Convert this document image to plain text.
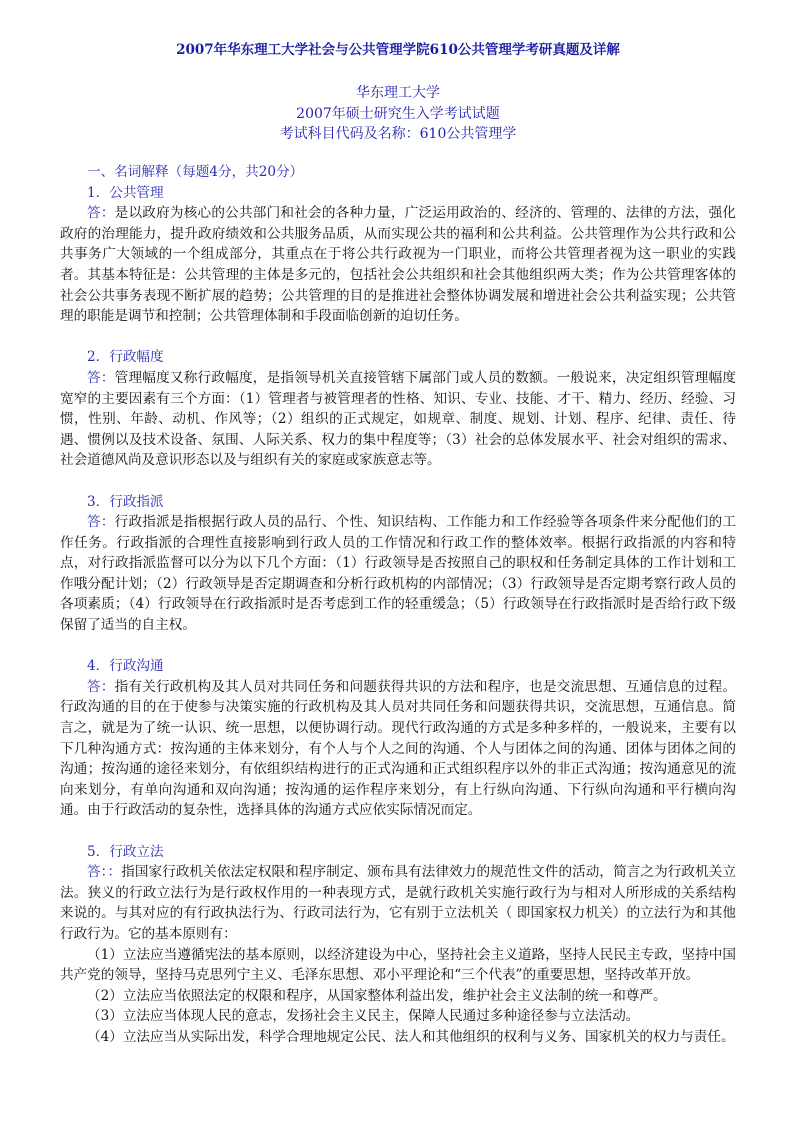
2007年华东理工大学社会与公共管理学院610公共管理学考研真题及详解
华东理工大学
2007年硕士研究生入学考试试题
考试科目代码及名称：610公共管理学

一、名词解释（每题4分，共20分）

1．公共管理

答：是以政府为核心的公共部门和社会的各种力量，广泛运用政治的、经济的、管理的、法律的方法，强化政府的治理能力，提升政府绩效和公共服务品质，从而实现公共的福利和公共利益。公共管理作为公共行政和公共事务广大领域的一个组成部分，其重点在于将公共行政视为一门职业，而将公共管理者视为这一职业的实践者。其基本特征是：公共管理的主体是多元的，包括社会公共组织和社会其他组织两大类；作为公共管理客体的社会公共事务表现不断扩展的趋势；公共管理的目的是推进社会整体协调发展和增进社会公共利益实现；公共管理的职能是调节和控制；公共管理体制和手段面临创新的迫切任务。

2．行政幅度

答：管理幅度又称行政幅度，是指领导机关直接管辖下属部门或人员的数额。一般说来，决定组织管理幅度宽窄的主要因素有三个方面：（1）管理者与被管理者的性格、知识、专业、技能、才干、精力、经历、经验、习惯，性别、年龄、动机、作风等；（2）组织的正式规定，如规章、制度、规划、计划、程序、纪律、责任、待遇、惯例以及技术设备、氛围、人际关系、权力的集中程度等；（3）社会的总体发展水平、社会对组织的需求、社会道德风尚及意识形态以及与组织有关的家庭或家族意志等。

3．行政指派

答：行政指派是指根据行政人员的品行、个性、知识结构、工作能力和工作经验等各项条件来分配他们的工作任务。行政指派的合理性直接影响到行政人员的工作情况和行政工作的整体效率。根据行政指派的内容和特点，对行政指派监督可以分为以下几个方面：（1）行政领导是否按照自己的职权和任务制定具体的工作计划和工作哦分配计划；（2）行政领导是否定期调查和分析行政机构的内部情况；（3）行政领导是否定期考察行政人员的各项素质；（4）行政领导在行政指派时是否考虑到工作的轻重缓急；（5）行政领导在行政指派时是否给行政下级保留了适当的自主权。

4．行政沟通

答：指有关行政机构及其人员对共同任务和问题获得共识的方法和程序，也是交流思想、互通信息的过程。行政沟通的目的在于使参与决策实施的行政机构及其人员对共同任务和问题获得共识，交流思想，互通信息。简言之，就是为了统一认识、统一思想，以便协调行动。现代行政沟通的方式是多种多样的，一般说来，主要有以下几种沟通方式：按沟通的主体来划分，有个人与个人之间的沟通、个人与团体之间的沟通、团体与团体之间的沟通；按沟通的途径来划分，有依组织结构进行的正式沟通和正式组织程序以外的非正式沟通；按沟通意见的流向来划分，有单向沟通和双向沟通；按沟通的运作程序来划分，有上行纵向沟通、下行纵向沟通和平行横向沟通。由于行政活动的复杂性，选择具体的沟通方式应依实际情况而定。

5．行政立法

答：：指国家行政机关依法定权限和程序制定、颁布具有法律效力的规范性文件的活动，简言之为行政机关立法。狭义的行政立法行为是行政权作用的一种表现方式，是就行政机关实施行政行为与相对人所形成的关系结构来说的。与其对应的有行政执法行为、行政司法行为，它有别于立法机关（ 即国家权力机关）的立法行为和其他行政行为。它的基本原则有：

（1）立法应当遵循宪法的基本原则，以经济建设为中心，坚持社会主义道路，坚持人民民主专政，坚持中国共产党的领导，坚持马克思列宁主义、毛泽东思想、邓小平理论和“三个代表”的重要思想，坚持改革开放。

（2）立法应当依照法定的权限和程序，从国家整体利益出发，维护社会主义法制的统一和尊严。

（3）立法应当体现人民的意志，发扬社会主义民主，保障人民通过多种途径参与立法活动。

（4）立法应当从实际出发，科学合理地规定公民、法人和其他组织的权利与义务、国家机关的权力与责任。
